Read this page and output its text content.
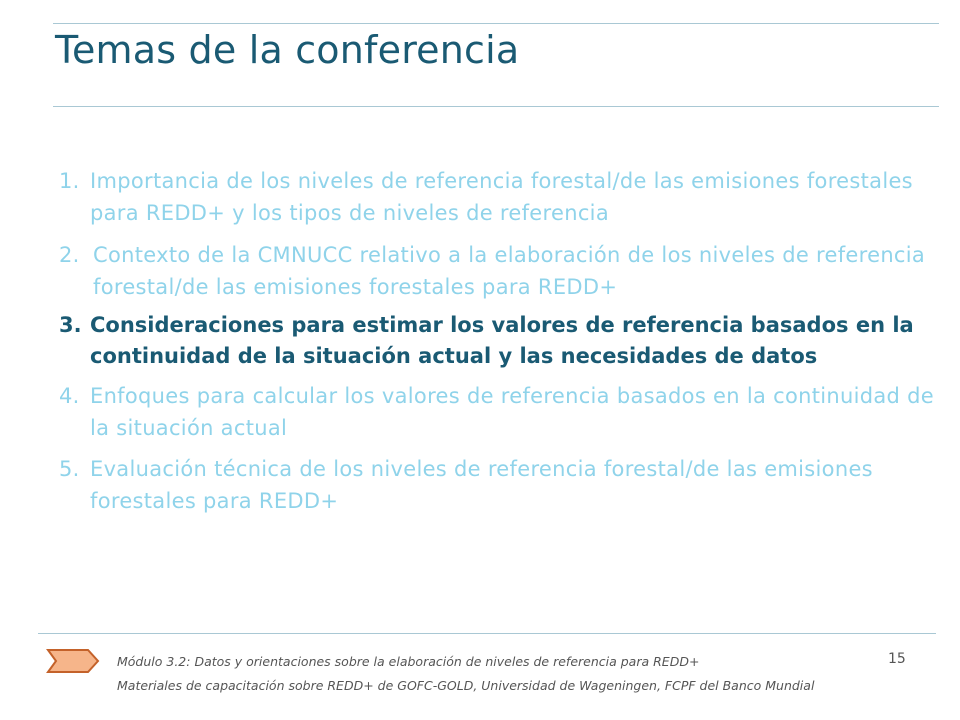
Temas de la conferencia
1. Importancia de los niveles de referencia forestal/de las emisiones forestales para REDD+ y los tipos de niveles de referencia
2. Contexto de la CMNUCC relativo a la elaboración de los niveles de referencia forestal/de las emisiones forestales para REDD+
3. Consideraciones para estimar los valores de referencia basados en la continuidad de la situación actual y las necesidades de datos
4. Enfoques para calcular los valores de referencia basados en la continuidad de la situación actual
5. Evaluación técnica de los niveles de referencia forestal/de las emisiones forestales para REDD+
Módulo 3.2: Datos y orientaciones sobre la elaboración de niveles de referencia para REDD+
Materiales de capacitación sobre REDD+ de GOFC-GOLD, Universidad de Wageningen, FCPF del Banco Mundial
15
